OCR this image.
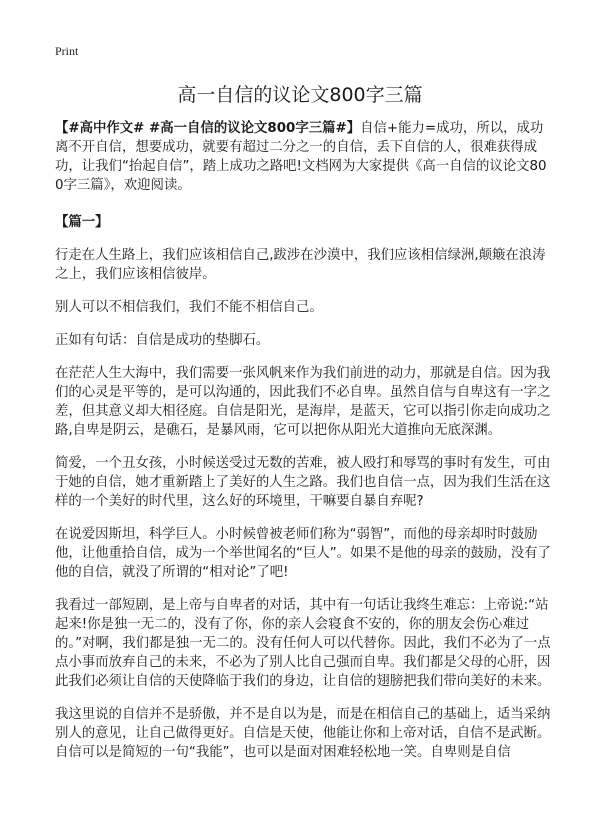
Print
高一自信的议论文800字三篇

【#高中作文# #高一自信的议论文800字三篇#】自信+能力=成功，所以，成功离不开自信，想要成功，就要有超过二分之一的自信，丢下自信的人，很难获得成功，让我们“抬起自信”，踏上成功之路吧!文档网为大家提供《高一自信的议论文800字三篇》，欢迎阅读。

【篇一】

行走在人生路上，我们应该相信自己,跋涉在沙漠中，我们应该相信绿洲,颠簸在浪涛之上，我们应该相信彼岸。

别人可以不相信我们，我们不能不相信自己。

正如有句话：自信是成功的垫脚石。

在茫茫人生大海中，我们需要一张风帆来作为我们前进的动力，那就是自信。因为我们的心灵是平等的，是可以沟通的，因此我们不必自卑。虽然自信与自卑这有一字之差，但其意义却大相径庭。自信是阳光，是海岸，是蓝天，它可以指引你走向成功之路,自卑是阴云，是礁石，是暴风雨，它可以把你从阳光大道推向无底深渊。

简爱，一个丑女孩，小时候送受过无数的苦难，被人殴打和辱骂的事时有发生，可由于她的自信，她才重新踏上了美好的人生之路。我们也自信一点，因为我们生活在这样的一个美好的时代里，这么好的环境里，干嘛要自暴自弃呢?

在说爱因斯坦，科学巨人。小时候曾被老师们称为“弱智”，而他的母亲却时时鼓励他，让他重拾自信，成为一个举世闻名的“巨人”。如果不是他的母亲的鼓励，没有了他的自信，就没了所谓的“相对论”了吧!

我看过一部短剧，是上帝与自卑者的对话，其中有一句话让我终生难忘：上帝说:“站起来!你是独一无二的，没有了你，你的亲人会寝食不安的，你的朋友会伤心难过的。”对啊，我们都是独一无二的。没有任何人可以代替你。因此，我们不必为了一点点小事而放弃自己的未来，不必为了别人比自己强而自卑。我们都是父母的心肝，因此我们必须让自信的天使降临于我们的身边，让自信的翅膀把我们带向美好的未来。

我这里说的自信并不是骄傲，并不是自以为是，而是在相信自己的基础上，适当采纳别人的意见，让自己做得更好。自信是天使，他能让你和上帝对话，自信不是武断。自信可以是简短的一句“我能”，也可以是面对困难轻松地一笑。自卑则是自信
